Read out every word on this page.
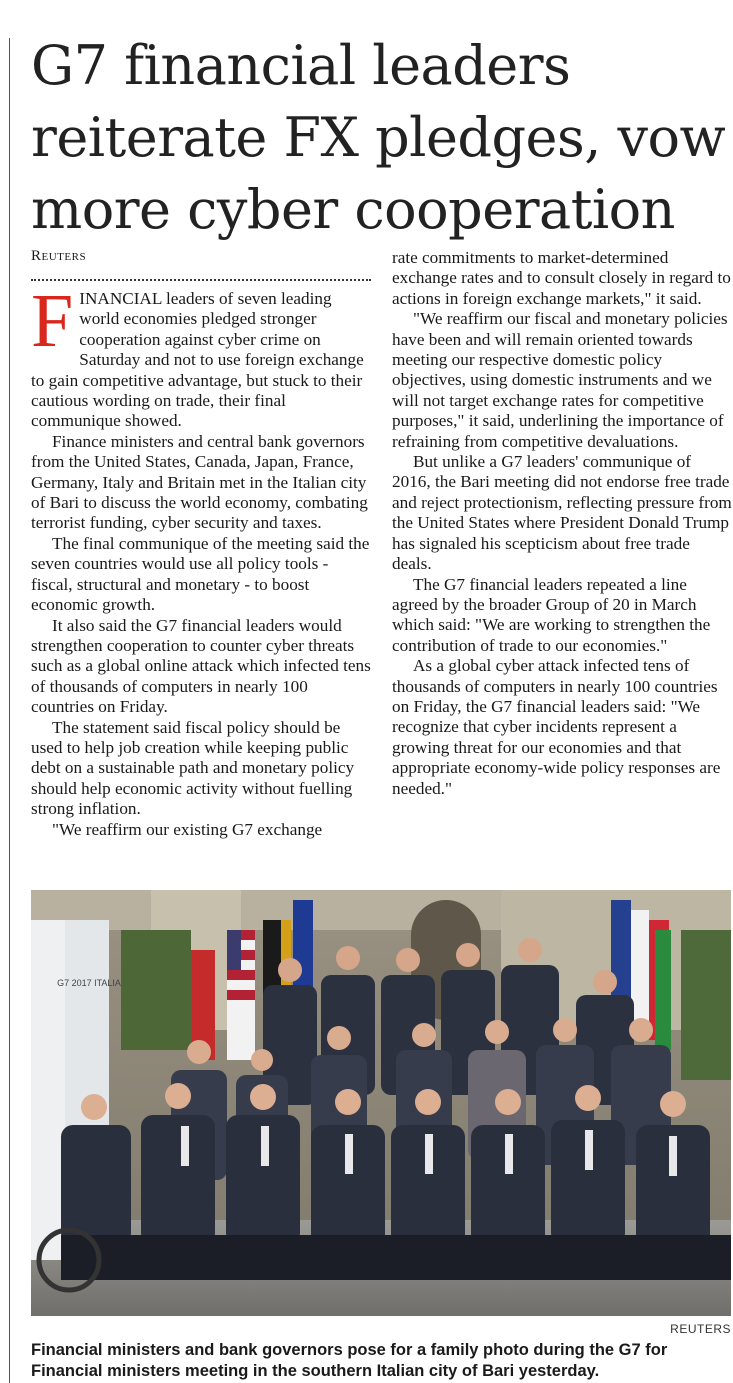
G7 financial leaders reiterate FX pledges, vow more cyber cooperation
Reuters

FINANCIAL leaders of seven leading world economies pledged stronger cooperation against cyber crime on Saturday and not to use foreign exchange to gain competitive advantage, but stuck to their cautious wording on trade, their final communique showed.

Finance ministers and central bank governors from the United States, Canada, Japan, France, Germany, Italy and Britain met in the Italian city of Bari to discuss the world economy, combating terrorist funding, cyber security and taxes.

The final communique of the meeting said the seven countries would use all policy tools - fiscal, structural and monetary - to boost economic growth.

It also said the G7 financial leaders would strengthen cooperation to counter cyber threats such as a global online attack which infected tens of thousands of computers in nearly 100 countries on Friday.

The statement said fiscal policy should be used to help job creation while keeping public debt on a sustainable path and monetary policy should help economic activity without fuelling strong inflation.

"We reaffirm our existing G7 exchange

rate commitments to market-determined exchange rates and to consult closely in regard to actions in foreign exchange markets," it said.

"We reaffirm our fiscal and monetary policies have been and will remain oriented towards meeting our respective domestic policy objectives, using domestic instruments and we will not target exchange rates for competitive purposes," it said, underlining the importance of refraining from competitive devaluations.

But unlike a G7 leaders' communique of 2016, the Bari meeting did not endorse free trade and reject protectionism, reflecting pressure from the United States where President Donald Trump has signaled his scepticism about free trade deals.

The G7 financial leaders repeated a line agreed by the broader Group of 20 in March which said: "We are working to strengthen the contribution of trade to our economies."

As a global cyber attack infected tens of thousands of computers in nearly 100 countries on Friday, the G7 financial leaders said: "We recognize that cyber incidents represent a growing threat for our economies and that appropriate economy-wide policy responses are needed."

G7 2017 ITALIA
REUTERS
Financial ministers and bank governors pose for a family photo during the G7 for Financial ministers meeting in the southern Italian city of Bari yesterday.
